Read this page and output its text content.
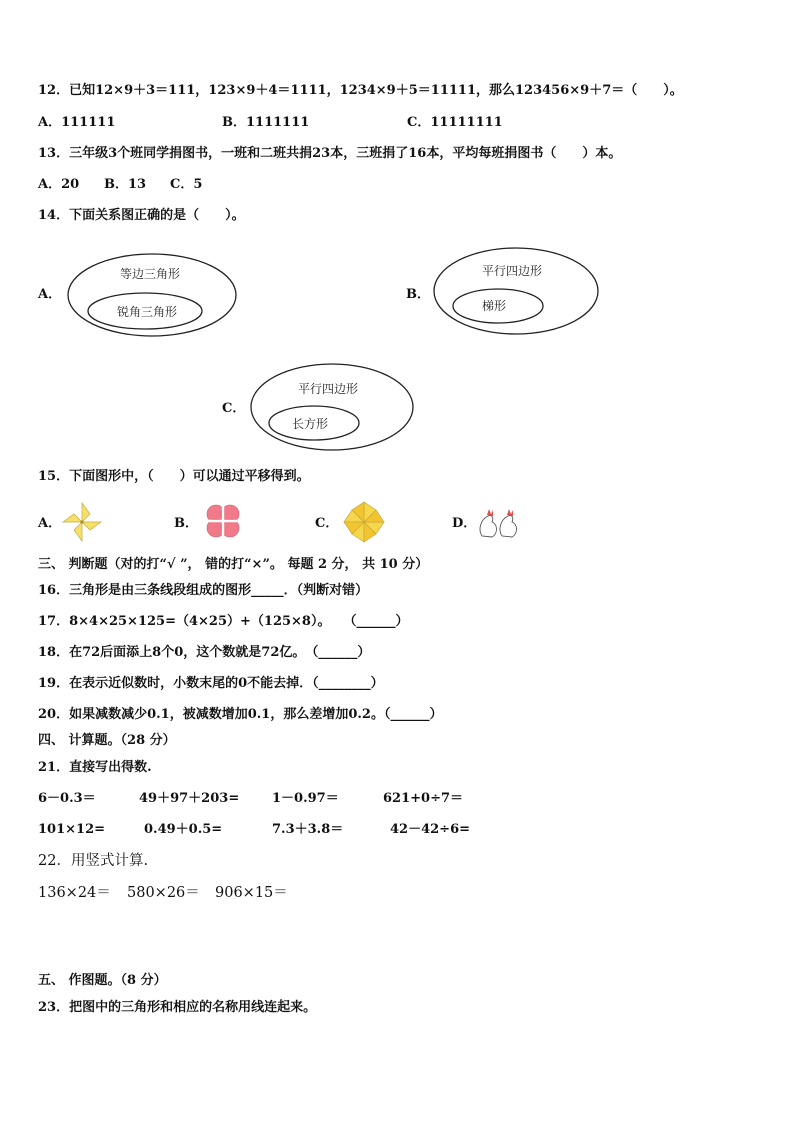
12．已知12×9＋3＝111，123×9＋4＝1111，1234×9＋5＝11111，那么123456×9＋7＝（　　）。
A．111111	B．1111111	C．11111111
13．三年级3个班同学捐图书，一班和二班共捐23本，三班捐了16本，平均每班捐图书（　　）本。
A．20 B．13 C．5
14．下面关系图正确的是（　　）。
A．
等边三角形
锐角三角形
B．
平行四边形
梯形
C．
平行四边形
长方形
15．下面图形中，（　　）可以通过平移得到。
A．	B．	C．	D．
三、 判断题（对的打“√ ”， 错的打“×”。 每题 2 分， 共 10 分）
16．三角形是由三条线段组成的图形_____．（判断对错）
17．8×4×25×125=（4×25）+（125×8）。　　（______）
18．在72后面添上8个0，这个数就是72亿。　（______）
19．在表示近似数时，小数末尾的0不能去掉．（________）
20．如果减数减少0.1，被减数增加0.1，那么差增加0.2。（______）
四、 计算题。（28 分）
21．直接写出得数.
6－0.3＝	49＋97＋203=	1－0.97＝	621+0÷7＝
101×12=	0.49＋0.5=	7.3＋3.8＝	42－42÷6=
22．用竖式计算.
136×24＝ 580×26＝ 906×15＝
五、 作图题。（8 分）
23．把图中的三角形和相应的名称用线连起来。
